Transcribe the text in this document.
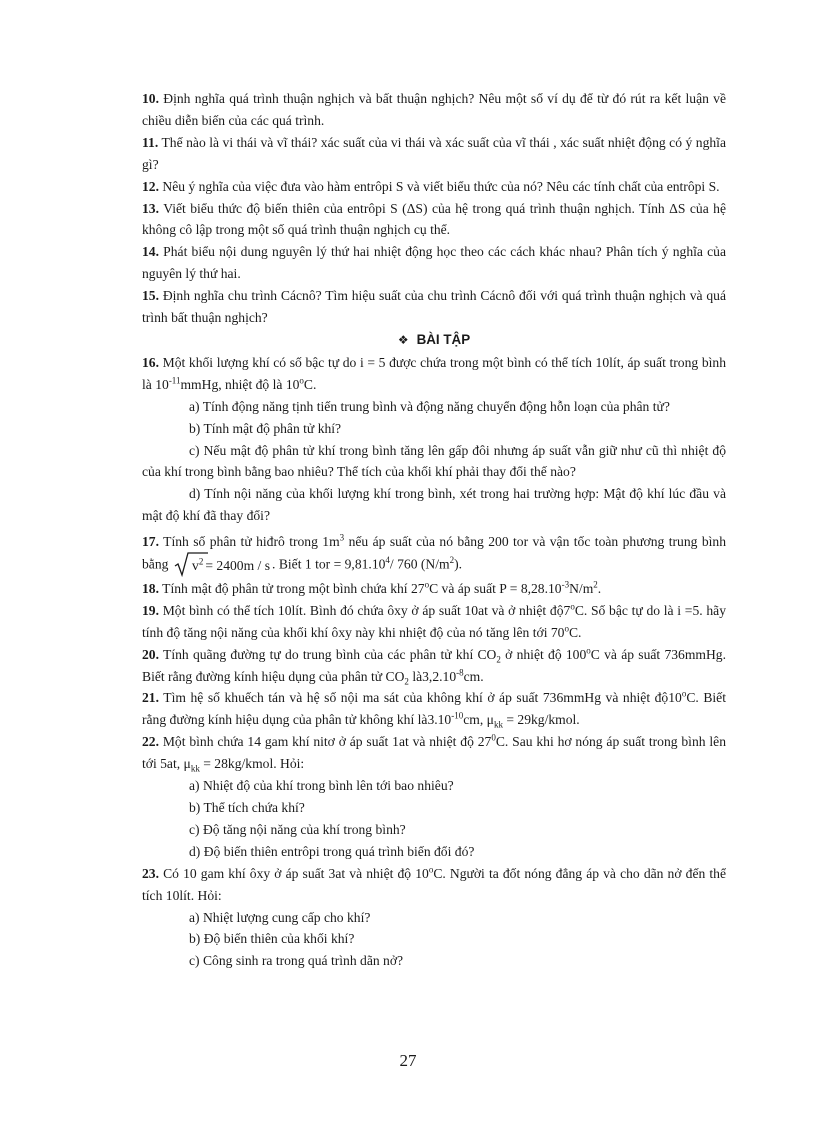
10. Định nghĩa quá trình thuận nghịch và bất thuận nghịch? Nêu một số ví dụ để từ đó rút ra kết luận về chiều diễn biến của các quá trình.

11. Thế nào là vi thái và vĩ thái? xác suất của vi thái và xác suất của vĩ thái , xác suất nhiệt động có ý nghĩa gì?

12. Nêu ý nghĩa của việc đưa vào hàm entrôpi S và viết biểu thức của nó? Nêu các tính chất của entrôpi S.

13. Viết biểu thức độ biến thiên của entrôpi S (ΔS) của hệ trong quá trình thuận nghịch. Tính ΔS của hệ không cô lập trong một số quá trình thuận nghịch cụ thể.

14. Phát biểu nội dung nguyên lý thứ hai nhiệt động học theo các cách khác nhau? Phân tích ý nghĩa của nguyên lý thứ hai.

15. Định nghĩa chu trình Cácnô? Tìm hiệu suất của chu trình Cácnô đối với quá trình thuận nghịch và quá trình bất thuận nghịch?

❖ BÀI TẬP

16. Một khối lượng khí có số bậc tự do i = 5 được chứa trong một bình có thể tích 10lít, áp suất trong bình là $10^{-11}mmHg$, nhiệt độ là 10$^o$C.

a) Tính động năng tịnh tiến trung bình và động năng chuyển động hỗn loạn của phân tử?

b) Tính mật độ phân tử khí?

c) Nếu mật độ phân tử khí trong bình tăng lên gấp đôi nhưng áp suất vẫn giữ như cũ thì nhiệt độ của khí trong bình bằng bao nhiêu? Thể tích của khối khí phải thay đổi thế nào?

d) Tính nội năng của khối lượng khí trong bình, xét trong hai trường hợp: Mật độ khí lúc đầu và mật độ khí đã thay đổi?

17. Tính số phân tử hiđrô trong $1m^3$ nếu áp suất của nó bằng 200 tor và vận tốc toàn phương trung bình bằng	$v^2 = 2400m / s$ . Biết 1 tor = $9,81.10^4/$ 760 $(N/m^2)$.

18. Tính mật độ phân tử trong một bình chứa khí 27$^o$C và áp suất $P = 8,28.10^{-3}N/m^2$.

19. Một bình có thể tích 10lít. Bình đó chứa ôxy ở áp suất 10at và ở nhiệt độ7$^o$C. Số bậc tự do là i =5. hãy tính độ tăng nội năng của khối khí ôxy này khi nhiệt độ của nó tăng lên tới 70$^o$C.

20. Tính quãng đường tự do trung bình của các phân tử khí $CO_2$ ở nhiệt độ 100$^o$C và áp suất 736mmHg. Biết rằng đường kính hiệu dụng của phân tử $CO_2$ $là3,2.10^{-8}cm$.

21. Tìm hệ số khuếch tán và hệ số nội ma sát của không khí ở áp suất 736mmHg và nhiệt độ10$^o$C. Biết rằng đường kính hiệu dụng của phân tử không khí $là3.10^{-10}cm$, $\mu_{kk}$ = 29kg/kmol.

22. Một bình chứa 14 gam khí nitơ ở áp suất 1at và nhiệt độ $27^0C$. Sau khi hơ nóng áp suất trong bình lên tới 5at, $\mu_{kk}$ = 28kg/kmol. Hỏi:

a) Nhiệt độ của khí trong bình lên tới bao nhiêu?

b) Thể tích chứa khí?

c) Độ tăng nội năng của khí trong bình?

d) Độ biến thiên entrôpi trong quá trình biến đổi đó?

23. Có 10 gam khí ôxy ở áp suất 3at và nhiệt độ 10$^o$C. Người ta đốt nóng đẳng áp và cho dãn nở đến thể tích 10lít. Hỏi:

a) Nhiệt lượng cung cấp cho khí?

b) Độ biến thiên của khối khí?

c) Công sinh ra trong quá trình dãn nở?

27
